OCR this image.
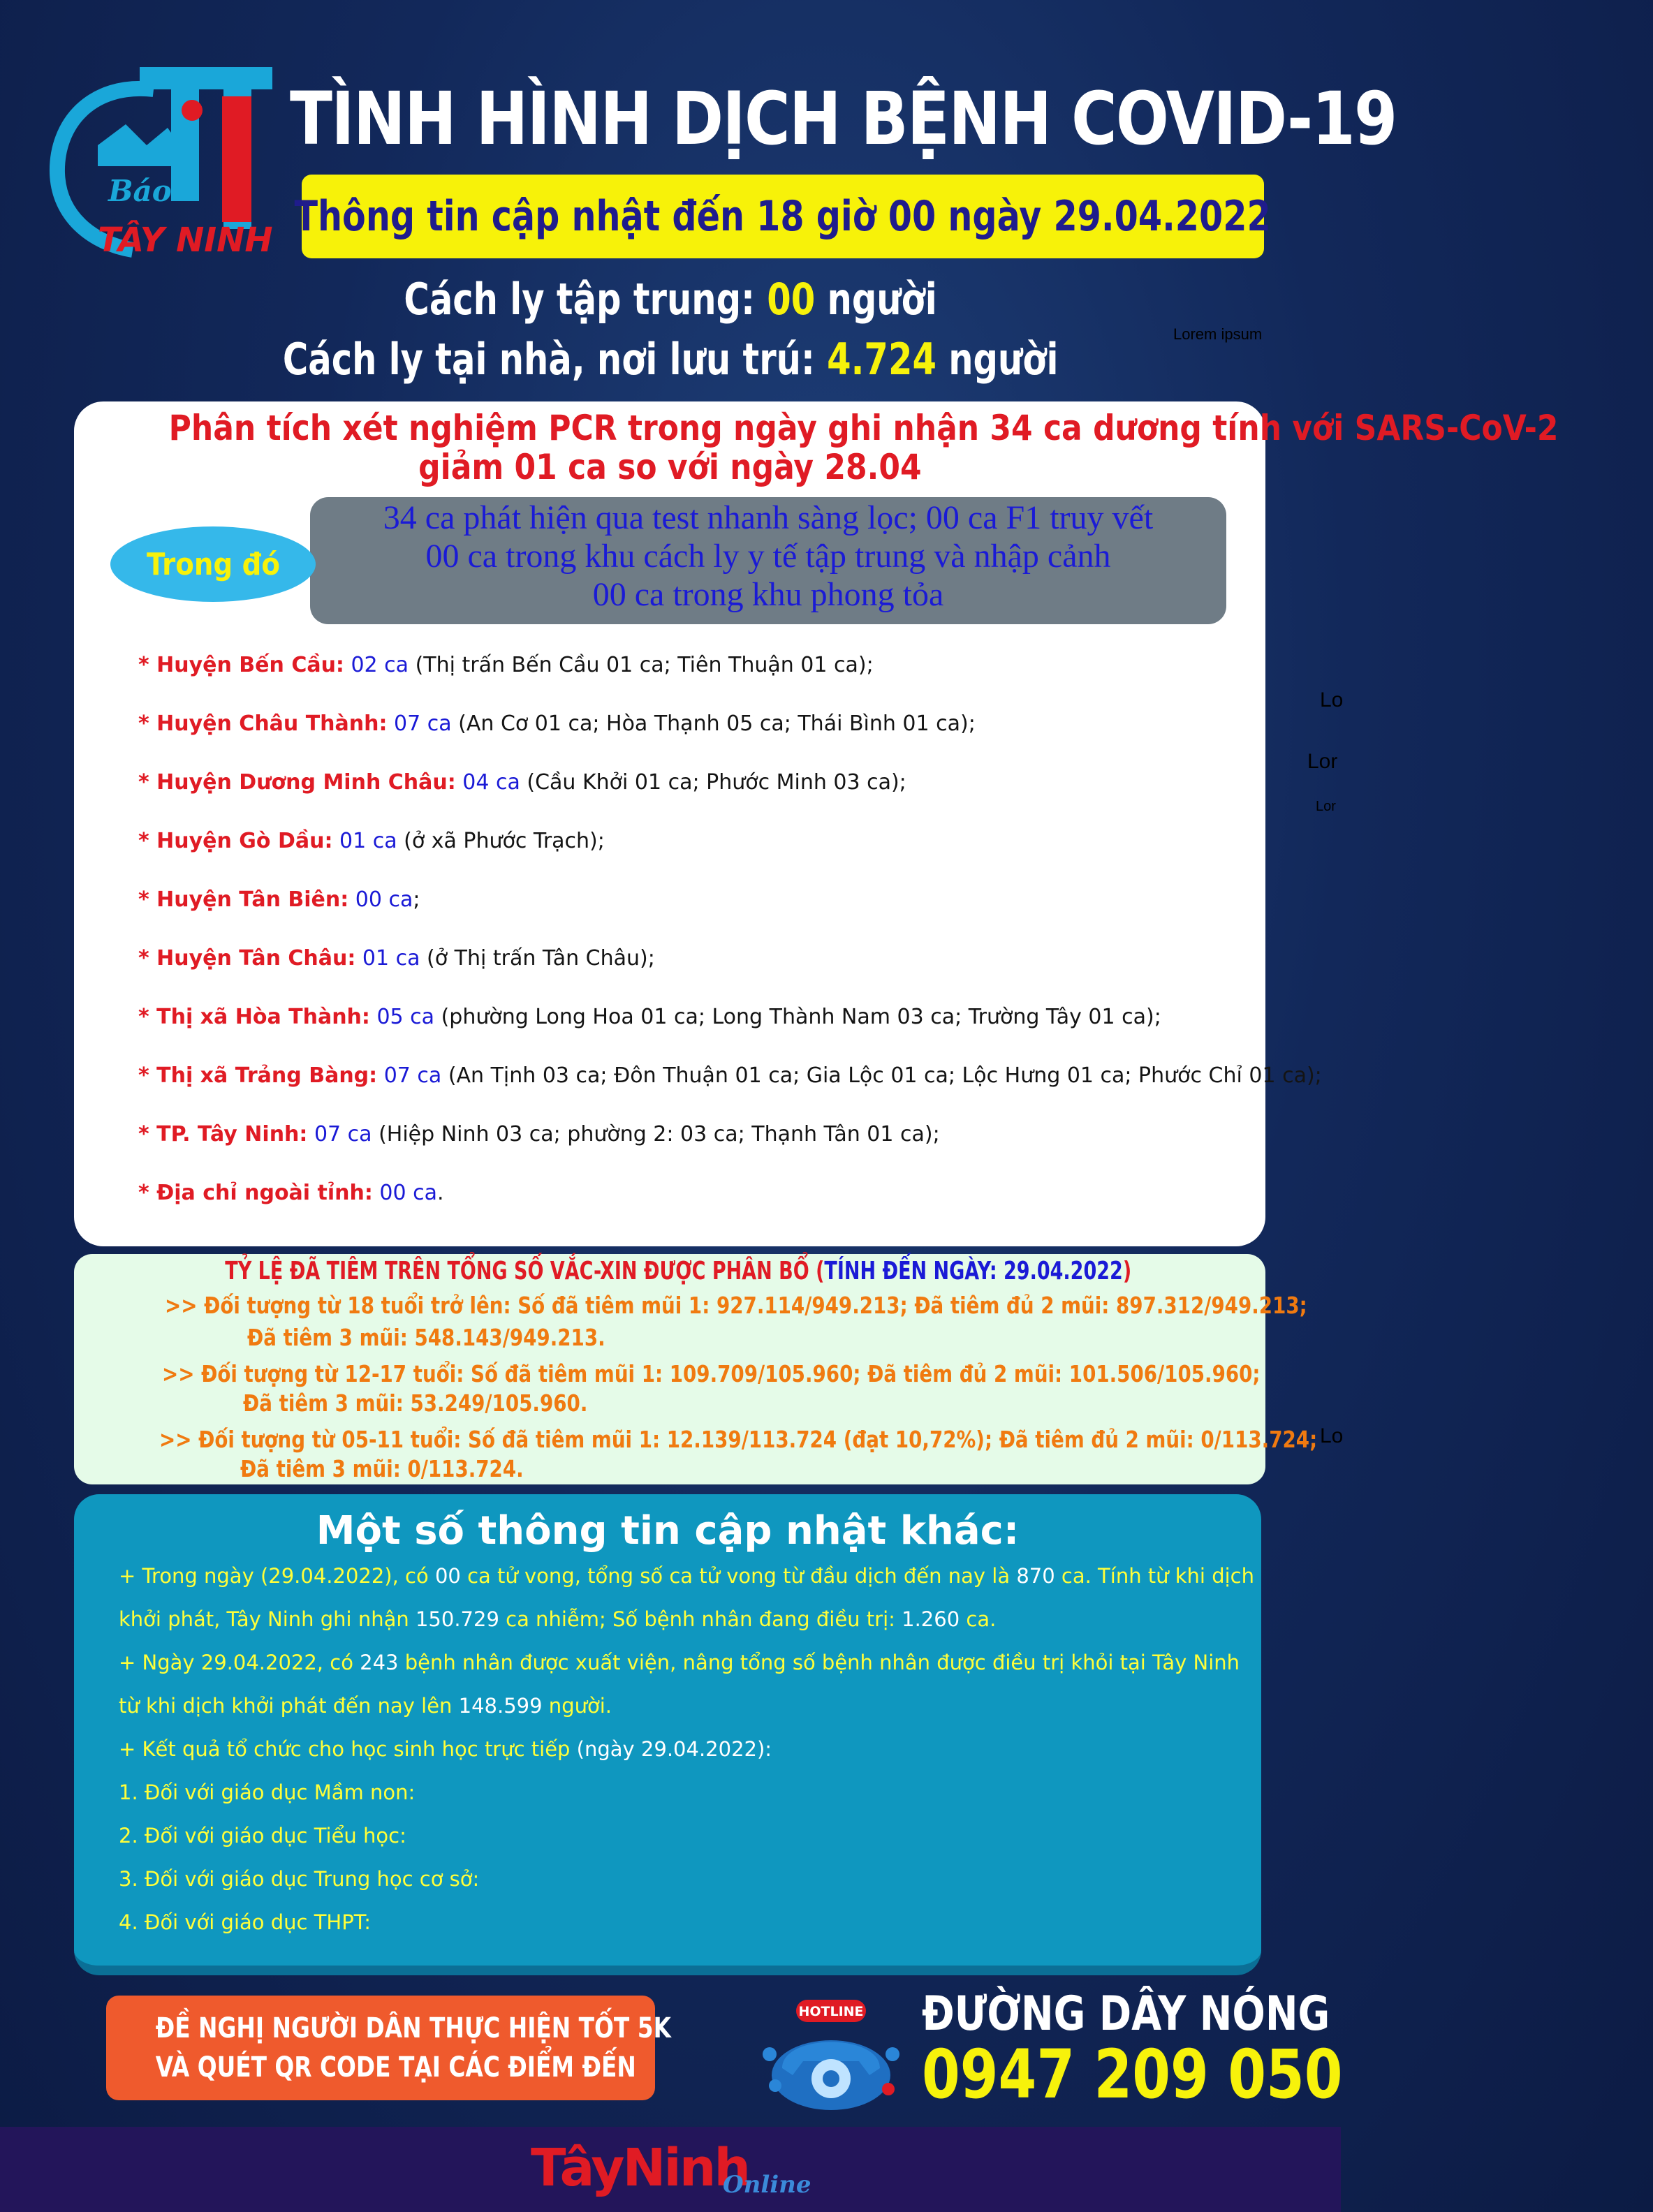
Báo
TÂY NINH
TÌNH HÌNH DỊCH BỆNH COVID-19
Thông tin cập nhật đến 18 giờ 00 ngày 29.04.2022
Cách ly tập trung: 00 người
Cách ly tại nhà, nơi lưu trú: 4.724 người	Lorem ipsum
Phân tích xét nghiệm PCR trong ngày ghi nhận 34 ca dương tính với SARS-CoV-2
giảm 01 ca so với ngày 28.04
34 ca phát hiện qua test nhanh sàng lọc; 00 ca F1 truy vết
00 ca trong khu cách ly y tế tập trung và nhập cảnh
00 ca trong khu phong tỏa
Trong đó
* Huyện Bến Cầu: 02 ca (Thị trấn Bến Cầu 01 ca; Tiên Thuận 01 ca);
* Huyện Châu Thành: 07 ca (An Cơ 01 ca; Hòa Thạnh 05 ca; Thái Bình 01 ca);
* Huyện Dương Minh Châu: 04 ca (Cầu Khởi 01 ca; Phước Minh 03 ca);
* Huyện Gò Dầu: 01 ca (ở xã Phước Trạch);
* Huyện Tân Biên: 00 ca;
* Huyện Tân Châu: 01 ca (ở Thị trấn Tân Châu);
* Thị xã Hòa Thành: 05 ca (phường Long Hoa 01 ca; Long Thành Nam 03 ca; Trường Tây 01 ca);
* Thị xã Trảng Bàng: 07 ca (An Tịnh 03 ca; Đôn Thuận 01 ca; Gia Lộc 01 ca; Lộc Hưng 01 ca; Phước Chỉ 01 ca);
* TP. Tây Ninh: 07 ca (Hiệp Ninh 03 ca; phường 2: 03 ca; Thạnh Tân 01 ca);
* Địa chỉ ngoài tỉnh: 00 ca.
Lo
Lor
Lor
Lo
TỶ LỆ ĐÃ TIÊM TRÊN TỔNG SỐ VẮC-XIN ĐƯỢC PHÂN BỔ (TÍNH ĐẾN NGÀY: 29.04.2022)
>> Đối tượng từ 18 tuổi trở lên: Số đã tiêm mũi 1: 927.114/949.213; Đã tiêm đủ 2 mũi: 897.312/949.213;
Đã tiêm 3 mũi: 548.143/949.213.
>> Đối tượng từ 12-17 tuổi: Số đã tiêm mũi 1: 109.709/105.960; Đã tiêm đủ 2 mũi: 101.506/105.960;
Đã tiêm 3 mũi: 53.249/105.960.
>> Đối tượng từ 05-11 tuổi: Số đã tiêm mũi 1: 12.139/113.724 (đạt 10,72%); Đã tiêm đủ 2 mũi: 0/113.724;
Đã tiêm 3 mũi: 0/113.724.
Một số thông tin cập nhật khác:
+ Trong ngày (29.04.2022), có 00 ca tử vong, tổng số ca tử vong từ đầu dịch đến nay là 870 ca. Tính từ khi dịch
khởi phát, Tây Ninh ghi nhận 150.729 ca nhiễm; Số bệnh nhân đang điều trị: 1.260 ca.
+ Ngày 29.04.2022, có 243 bệnh nhân được xuất viện, nâng tổng số bệnh nhân được điều trị khỏi tại Tây Ninh
từ khi dịch khởi phát đến nay lên 148.599 người.
+ Kết quả tổ chức cho học sinh học trực tiếp (ngày 29.04.2022):
1. Đối với giáo dục Mầm non:
2. Đối với giáo dục Tiểu học:
3. Đối với giáo dục Trung học cơ sở:
4. Đối với giáo dục THPT:
ĐỀ NGHỊ NGƯỜI DÂN THỰC HIỆN TỐT 5K
VÀ QUÉT QR CODE TẠI CÁC ĐIỂM ĐẾN
HOTLINE ĐƯỜNG DÂY NÓNG
0947 209 050
TâyNinh
Online
